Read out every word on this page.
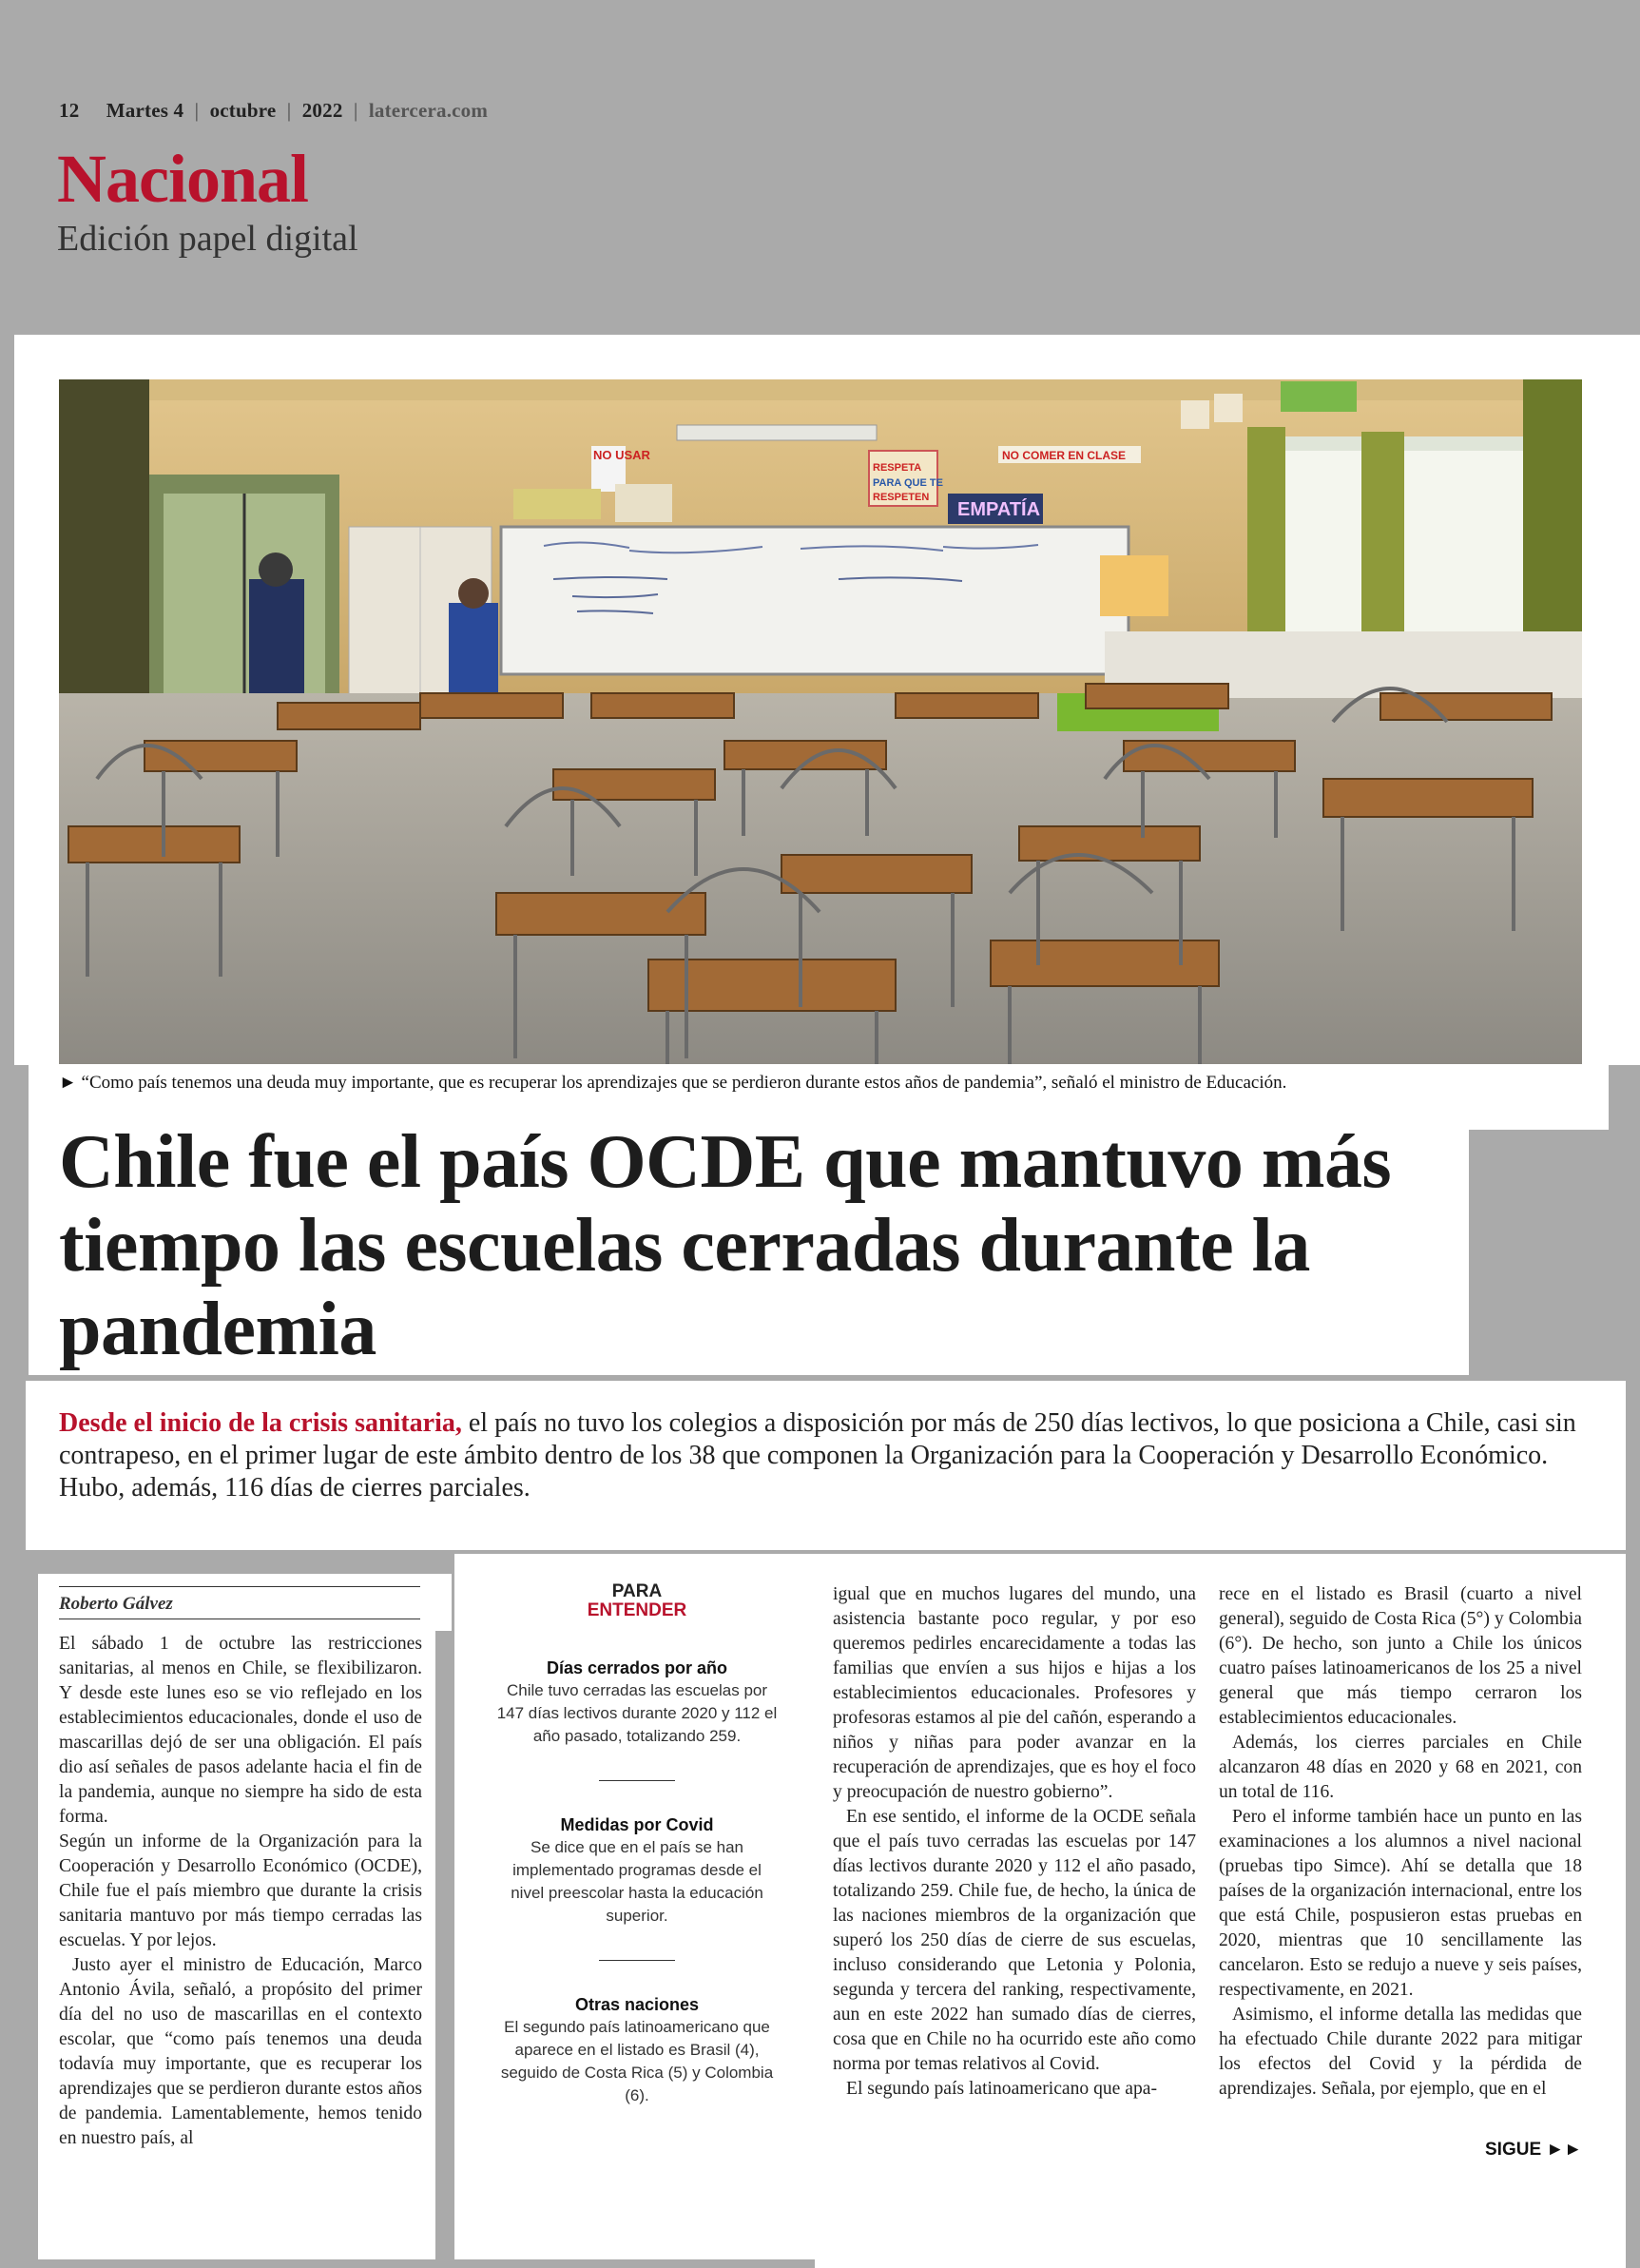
12 Martes 4 | octubre | 2022 | latercera.com
Nacional
Edición papel digital
NO USAR
RESPETA
PARA QUE TE
RESPETEN
EMPATÍA
NO COMER EN CLASE
► “Como país tenemos una deuda muy importante, que es recuperar los aprendizajes que se perdieron durante estos años de pandemia”, señaló el ministro de Educación.
Chile fue el país OCDE que mantuvo más tiempo las escuelas cerradas durante la pandemia
Desde el inicio de la crisis sanitaria, el país no tuvo los colegios a disposición por más de 250 días lectivos, lo que posiciona a Chile, casi sin contrapeso, en el primer lugar de este ámbito dentro de los 38 que componen la Organización para la Cooperación y Desarrollo Económico. Hubo, además, 116 días de cierres parciales.
Roberto Gálvez

El sábado 1 de octubre las restricciones sanitarias, al menos en Chile, se flexibilizaron. Y desde este lunes eso se vio reflejado en los establecimientos educacionales, donde el uso de mascarillas dejó de ser una obligación. El país dio así señales de pasos adelante hacia el fin de la pandemia, aunque no siempre ha sido de esta forma.

Según un informe de la Organización para la Cooperación y Desarrollo Económico (OCDE), Chile fue el país miembro que durante la crisis sanitaria mantuvo por más tiempo cerradas las escuelas. Y por lejos.

Justo ayer el ministro de Educación, Marco Antonio Ávila, señaló, a propósito del primer día del no uso de mascarillas en el contexto escolar, que “como país tenemos una deuda todavía muy importante, que es recuperar los aprendizajes que se perdieron durante estos años de pandemia. Lamentablemente, hemos tenido en nuestro país, al

PARA
ENTENDER
Días cerrados por año

Chile tuvo cerradas las escuelas por 147 días lectivos durante 2020 y 112 el año pasado, totalizando 259.

Medidas por Covid

Se dice que en el país se han implementado programas desde el nivel preescolar hasta la educación superior.

Otras naciones

El segundo país latinoamericano que aparece en el listado es Brasil (4), seguido de Costa Rica (5) y Colombia (6).

igual que en muchos lugares del mundo, una asistencia bastante poco regular, y por eso queremos pedirles encarecidamente a todas las familias que envíen a sus hijos e hijas a los establecimientos educacionales. Profesores y profesoras estamos al pie del cañón, esperando a niños y niñas para poder avanzar en la recuperación de aprendizajes, que es hoy el foco y preocupación de nuestro gobierno”.

En ese sentido, el informe de la OCDE señala que el país tuvo cerradas las escuelas por 147 días lectivos durante 2020 y 112 el año pasado, totalizando 259. Chile fue, de hecho, la única de las naciones miembros de la organización que superó los 250 días de cierre de sus escuelas, incluso considerando que Letonia y Polonia, segunda y tercera del ranking, respectivamente, aun en este 2022 han sumado días de cierres, cosa que en Chile no ha ocurrido este año como norma por temas relativos al Covid.

El segundo país latinoamericano que apa-

rece en el listado es Brasil (cuarto a nivel general), seguido de Costa Rica (5°) y Colombia (6°). De hecho, son junto a Chile los únicos cuatro países latinoamericanos de los 25 a nivel general que más tiempo cerraron los establecimientos educacionales.

Además, los cierres parciales en Chile alcanzaron 48 días en 2020 y 68 en 2021, con un total de 116.

Pero el informe también hace un punto en las examinaciones a los alumnos a nivel nacional (pruebas tipo Simce). Ahí se detalla que 18 países de la organización internacional, entre los que está Chile, pospusieron estas pruebas en 2020, mientras que 10 sencillamente las cancelaron. Esto se redujo a nueve y seis países, respectivamente, en 2021.

Asimismo, el informe detalla las medidas que ha efectuado Chile durante 2022 para mitigar los efectos del Covid y la pérdida de aprendizajes. Señala, por ejemplo, que en el

SIGUE ►►
